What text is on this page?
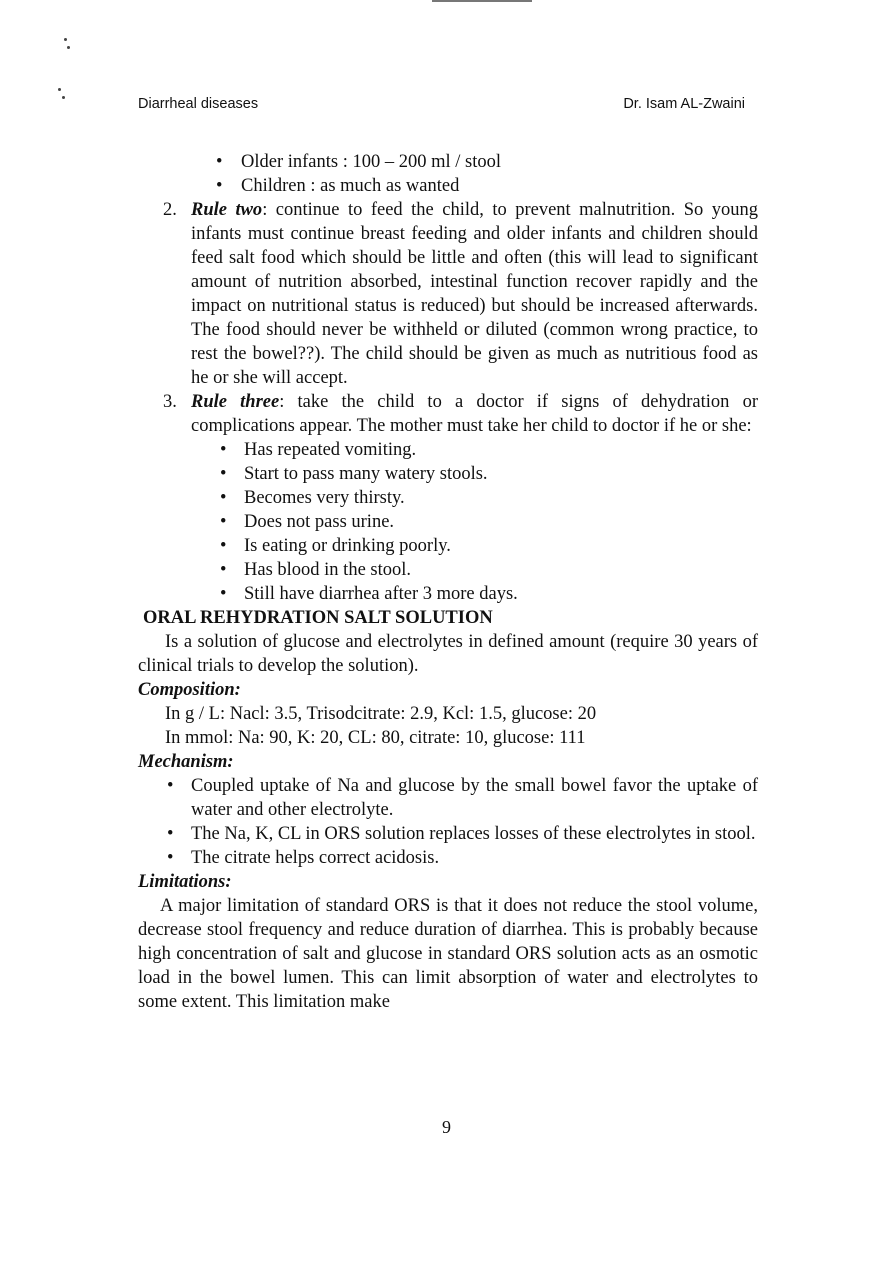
Diarrheal diseases	Dr. Isam AL-Zwaini
• Older infants : 100 – 200 ml / stool
• Children : as much as wanted
2. Rule two: continue to feed the child, to prevent malnutrition. So young infants must continue breast feeding and older infants and children should feed salt food which should be little and often (this will lead to significant amount of nutrition absorbed, intestinal function recover rapidly and the impact on nutritional status is reduced) but should be increased afterwards. The food should never be withheld or diluted (common wrong practice, to rest the bowel??). The child should be given as much as nutritious food as he or she will accept.
3. Rule three: take the child to a doctor if signs of dehydration or complications appear. The mother must take her child to doctor if he or she:
• Has repeated vomiting.
• Start to pass many watery stools.
• Becomes very thirsty.
• Does not pass urine.
• Is eating or drinking poorly.
• Has blood in the stool.
• Still have diarrhea after 3 more days.
ORAL REHYDRATION SALT SOLUTION
Is a solution of glucose and electrolytes in defined amount (require 30 years of clinical trials to develop the solution).
Composition:
In g / L: Nacl: 3.5, Trisodcitrate: 2.9, Kcl: 1.5, glucose: 20
In mmol: Na: 90, K: 20, CL: 80, citrate: 10, glucose: 111
Mechanism:
• Coupled uptake of Na and glucose by the small bowel favor the uptake of water and other electrolyte.
• The Na, K, CL in ORS solution replaces losses of these electrolytes in stool.
• The citrate helps correct acidosis.
Limitations:
A major limitation of standard ORS is that it does not reduce the stool volume, decrease stool frequency and reduce duration of diarrhea. This is probably because high concentration of salt and glucose in standard ORS solution acts as an osmotic load in the bowel lumen. This can limit absorption of water and electrolytes to some extent. This limitation make
9
